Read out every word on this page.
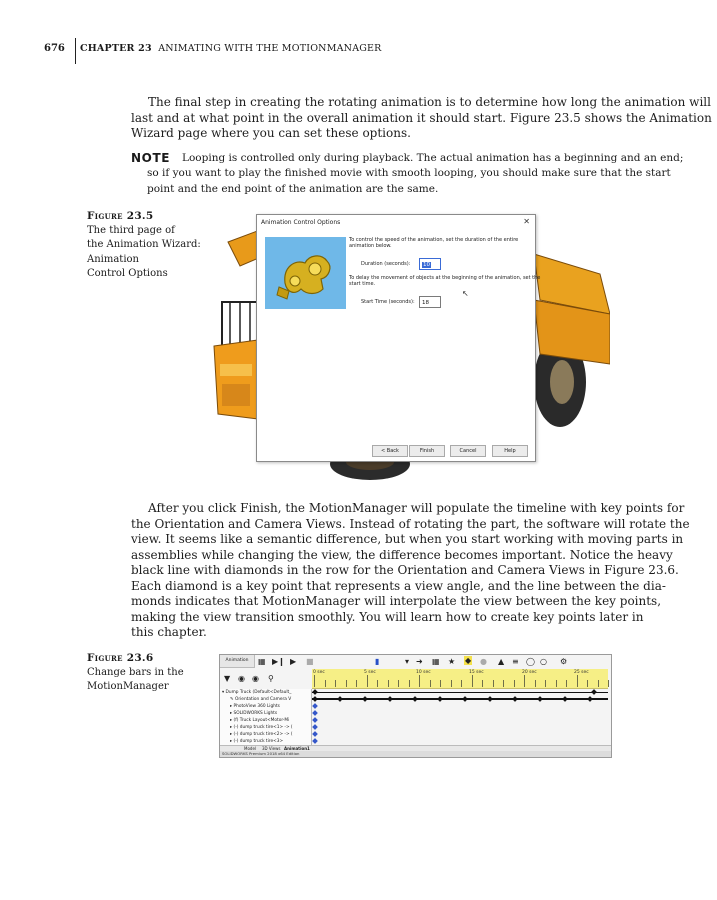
676 CHAPTER 23 ANIMATING WITH THE MOTIONMANAGER

The final step in creating the rotating animation is to determine how long the animation will

last and at what point in the overall animation it should start. Figure 23.5 shows the Animation

Wizard page where you can set these options.

NOTE Looping is controlled only during playback. The actual animation has a beginning and an end;

so if you want to play the finished movie with smooth looping, you should make sure that the start

point and the end point of the animation are the same.

Figure 23.5

The third page of

the Animation Wizard:

Animation

Control Options

Animation Control Options	✕
To control the speed of the animation, set the duration of the entire
animation below.
Duration (seconds):	10
To delay the movement of objects at the beginning of the animation, set the
start time.
↖
Start Time (seconds):	18
< Back	Finish	Cancel	Help

After you click Finish, the MotionManager will populate the timeline with key points for

the Orientation and Camera Views. Instead of rotating the part, the software will rotate the

view. It seems like a semantic difference, but when you start working with moving parts in

assemblies while changing the view, the difference becomes important. Notice the heavy

black line with diamonds in the row for the Orientation and Camera Views in Figure 23.6.

Each diamond is a key point that represents a view angle, and the line between the dia-

monds indicates that MotionManager will interpolate the view between the key points,

making the view transition smoothly. You will learn how to create key points later in

this chapter.

Figure 23.6

Change bars in the

MotionManager

Animation	▦ ▶❙ ▶ ■	▮	▾ ➜ ▦ ★ ◆ ● ▲ ≡ ◯ ○ ⚙
▼ ◉ ◉ ⚲
0 sec	5 sec	10 sec	15 sec	20 sec	25 sec
▾ Dump Truck (Default<Default_
✎ Orientation and Camera V
▸ PhotoView 360 Lights
▸ SOLIDWORKS Lights
▸ (f) Truck Layout<Motor-Mi
▸ (-) dump truck tire<1> -> (
▸ (-) dump truck tire<2> -> (
▸ (-) dump truck tire<3>
Model 3D Views Animation1
SOLIDWORKS Premium 2018 x64 Edition
